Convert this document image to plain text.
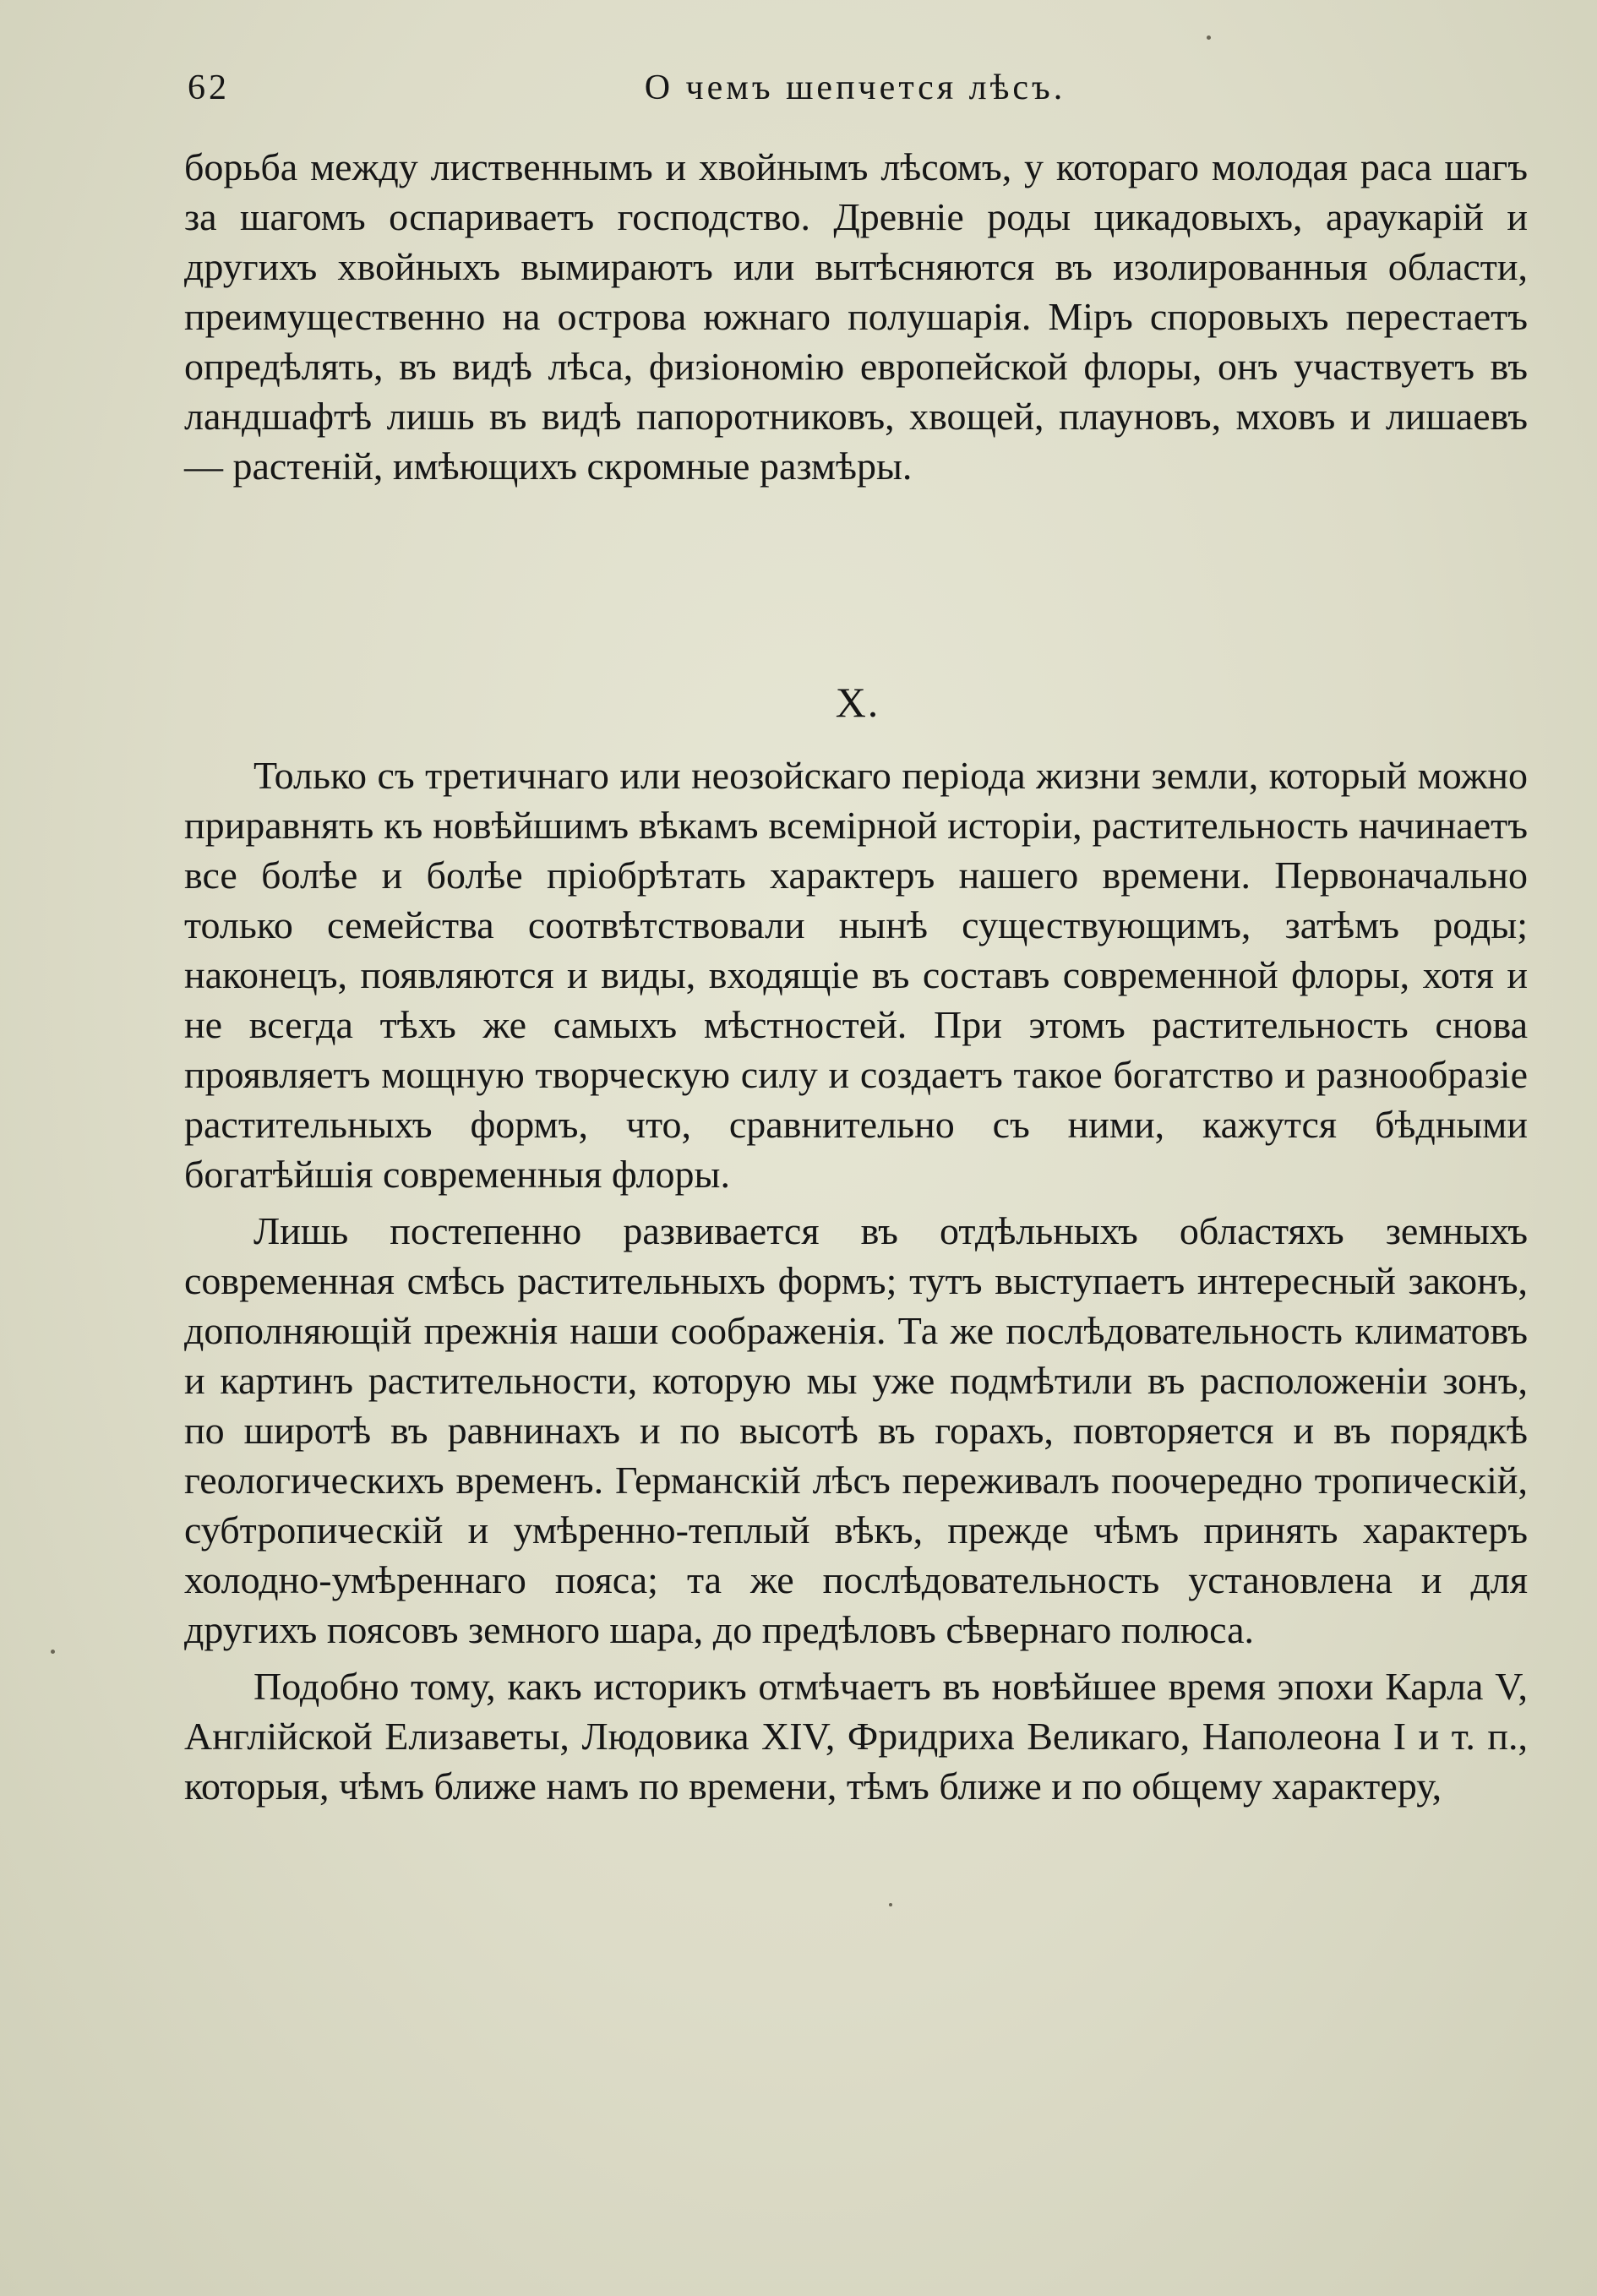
62	О чемъ шепчется лѣсъ.

борьба между лиственнымъ и хвойнымъ лѣсомъ, у котораго молодая раса шагъ за шагомъ оспариваетъ господство. Древніе роды цикадовыхъ, араукарій и другихъ хвойныхъ вымираютъ или вытѣсняются въ изолированныя области, преимущественно на острова южнаго полушарія. Міръ споровыхъ перестаетъ опредѣлять, въ видѣ лѣса, физіономію европейской флоры, онъ участвуетъ въ ландшафтѣ лишь въ видѣ папоротниковъ, хвощей, плауновъ, мховъ и лишаевъ — растеній, имѣющихъ скромные размѣры.

X.

Только съ третичнаго или неозойскаго періода жизни земли, который можно приравнять къ новѣйшимъ вѣкамъ всемірной исторіи, растительность начинаетъ все болѣе и болѣе пріобрѣтать характеръ нашего времени. Первоначально только семейства соотвѣтствовали нынѣ существующимъ, затѣмъ роды; наконецъ, появляются и виды, входящіе въ составъ современной флоры, хотя и не всегда тѣхъ же самыхъ мѣстностей. При этомъ растительность снова проявляетъ мощную творческую силу и создаетъ такое богатство и разнообразіе растительныхъ формъ, что, сравнительно съ ними, кажутся бѣдными богатѣйшія современныя флоры.

Лишь постепенно развивается въ отдѣльныхъ областяхъ земныхъ современная смѣсь растительныхъ формъ; тутъ выступаетъ интересный законъ, дополняющій прежнія наши соображенія. Та же послѣдовательность климатовъ и картинъ растительности, которую мы уже подмѣтили въ расположеніи зонъ, по широтѣ въ равнинахъ и по высотѣ въ горахъ, повторяется и въ порядкѣ геологическихъ временъ. Германскій лѣсъ переживалъ поочередно тропическій, субтропическій и умѣренно-теплый вѣкъ, прежде чѣмъ принять характеръ холодно-умѣреннаго пояса; та же послѣдовательность установлена и для другихъ поясовъ земного шара, до предѣловъ сѣвернаго полюса.

Подобно тому, какъ историкъ отмѣчаетъ въ новѣйшее время эпохи Карла V, Англійской Елизаветы, Людовика XIV, Фридриха Великаго, Наполеона I и т. п., которыя, чѣмъ ближе намъ по времени, тѣмъ ближе и по общему характеру,
